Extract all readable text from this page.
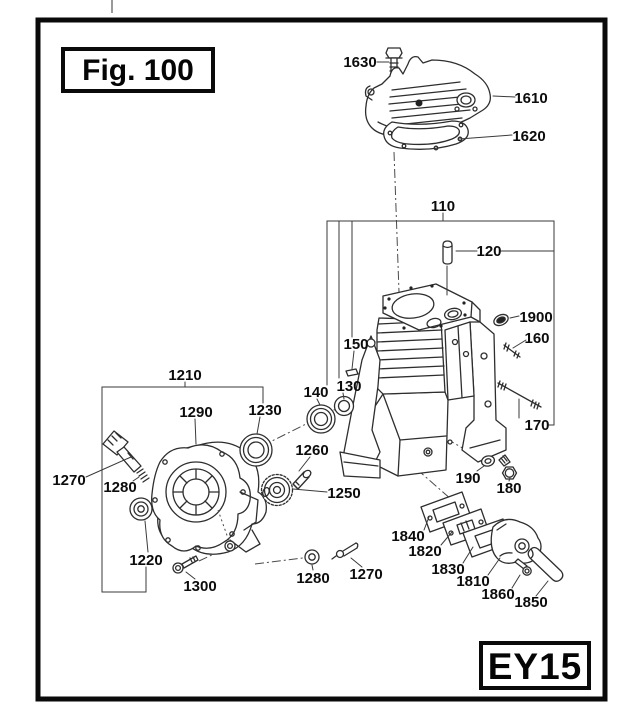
1630
1610
1620
110
120
1900
160
150
130
140
1210
1290 1230
1260
1250
1270 1280
1220
1300	1280 1270
190
180
170
1840
1820
1830
1810
1860 1850
Fig. 100
EY15
